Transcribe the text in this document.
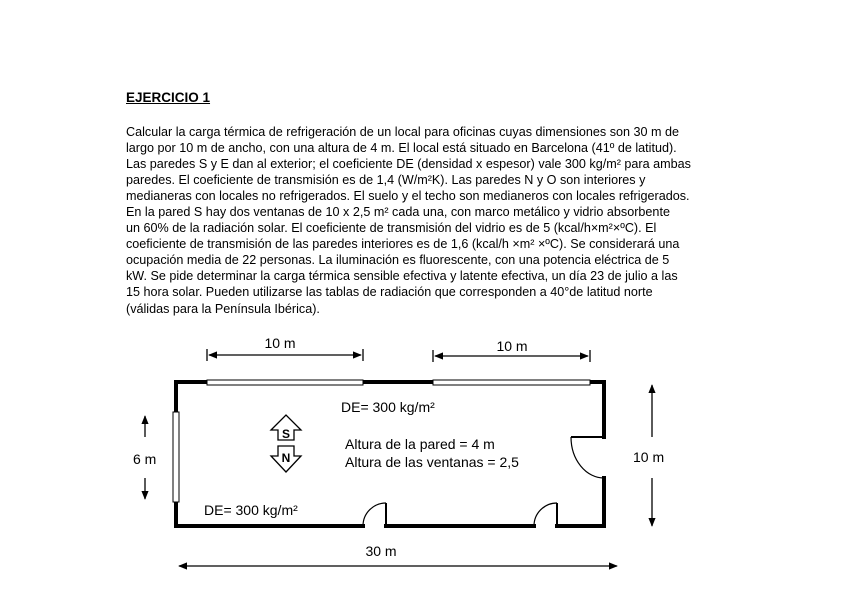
EJERCICIO 1
Calcular la carga térmica de refrigeración de un local para oficinas cuyas dimensiones son 30 m de
largo por 10 m de ancho, con una altura de 4 m. El local está situado en Barcelona (41º de latitud).
Las paredes S y E dan al exterior; el coeficiente DE (densidad x espesor) vale 300 kg/m² para ambas
paredes. El coeficiente de transmisión es de 1,4 (W/m²K). Las paredes N y O son interiores y
medianeras con locales no refrigerados. El suelo y el techo son medianeros con locales refrigerados.
En la pared S hay dos ventanas de 10 x 2,5 m² cada una, con marco metálico y vidrio absorbente
un 60% de la radiación solar. El coeficiente de transmisión del vidrio es de 5 (kcal/h×m²×ºC). El
coeficiente de transmisión de las paredes interiores es de 1,6 (kcal/h ×m² ×ºC). Se considerará una
ocupación media de 22 personas. La iluminación es fluorescente, con una potencia eléctrica de 5
kW. Se pide determinar la carga térmica sensible efectiva y latente efectiva, un día 23 de julio a las
15 hora solar. Pueden utilizarse las tablas de radiación que corresponden a 40°de latitud norte
(válidas para la Península Ibérica).
10 m	10 m
S
N
DE= 300 kg/m²
Altura de la pared = 4 m
Altura de las ventanas = 2,5
DE= 300 kg/m²
6 m	10 m
30 m
